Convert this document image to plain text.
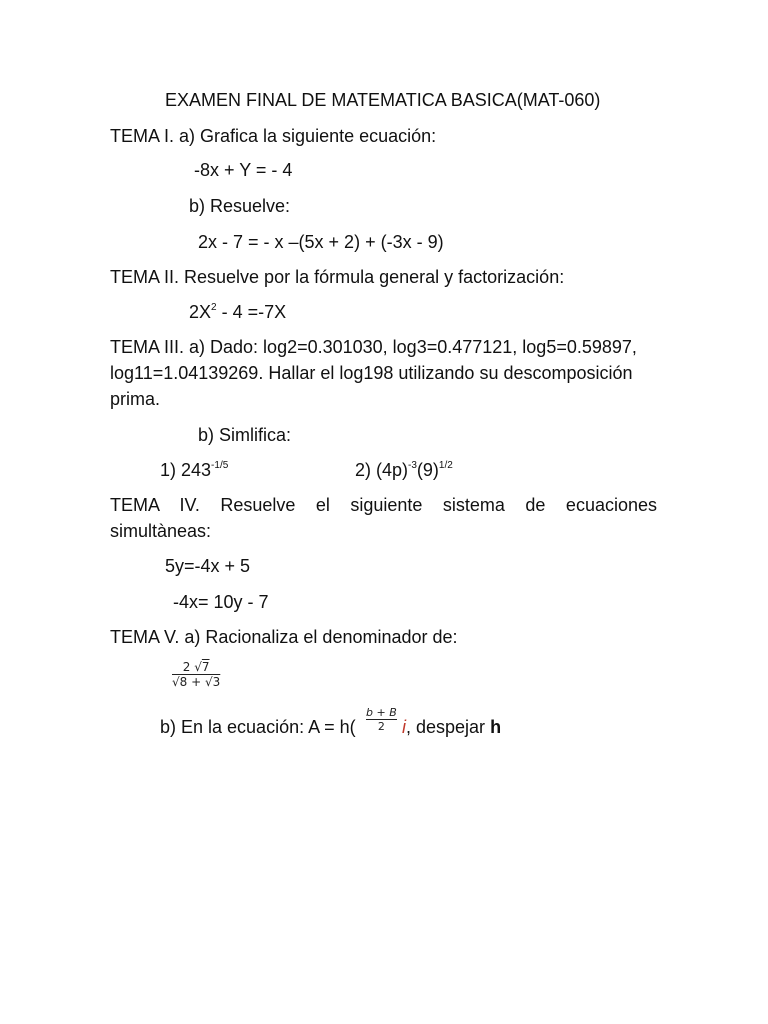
EXAMEN FINAL DE MATEMATICA BASICA(MAT-060)
TEMA I. a) Grafica la siguiente ecuación:
-8x + Y = - 4
b) Resuelve:
2x - 7 = - x –(5x + 2) + (-3x - 9)
TEMA II. Resuelve por la fórmula general y factorización:
$2X^2 - 4 =-7X$
TEMA III. a) Dado: log2=0.301030, log3=0.477121, log5=0.59897,
log11=1.04139269. Hallar el log198 utilizando su descomposición
prima.
b) Simlifica:
1) $243^{-1/5}$	2) $(4p)^{-3}(9)^{1/2}$
TEMA IV. Resuelve el siguiente sistema de ecuaciones
simultàneas:
5y=-4x + 5
-4x= 10y - 7
TEMA V. a) Racionaliza el denominador de:
2 √7
√8 + √3
b) En la ecuación: A = h(
b + B
2 i, despejar h
